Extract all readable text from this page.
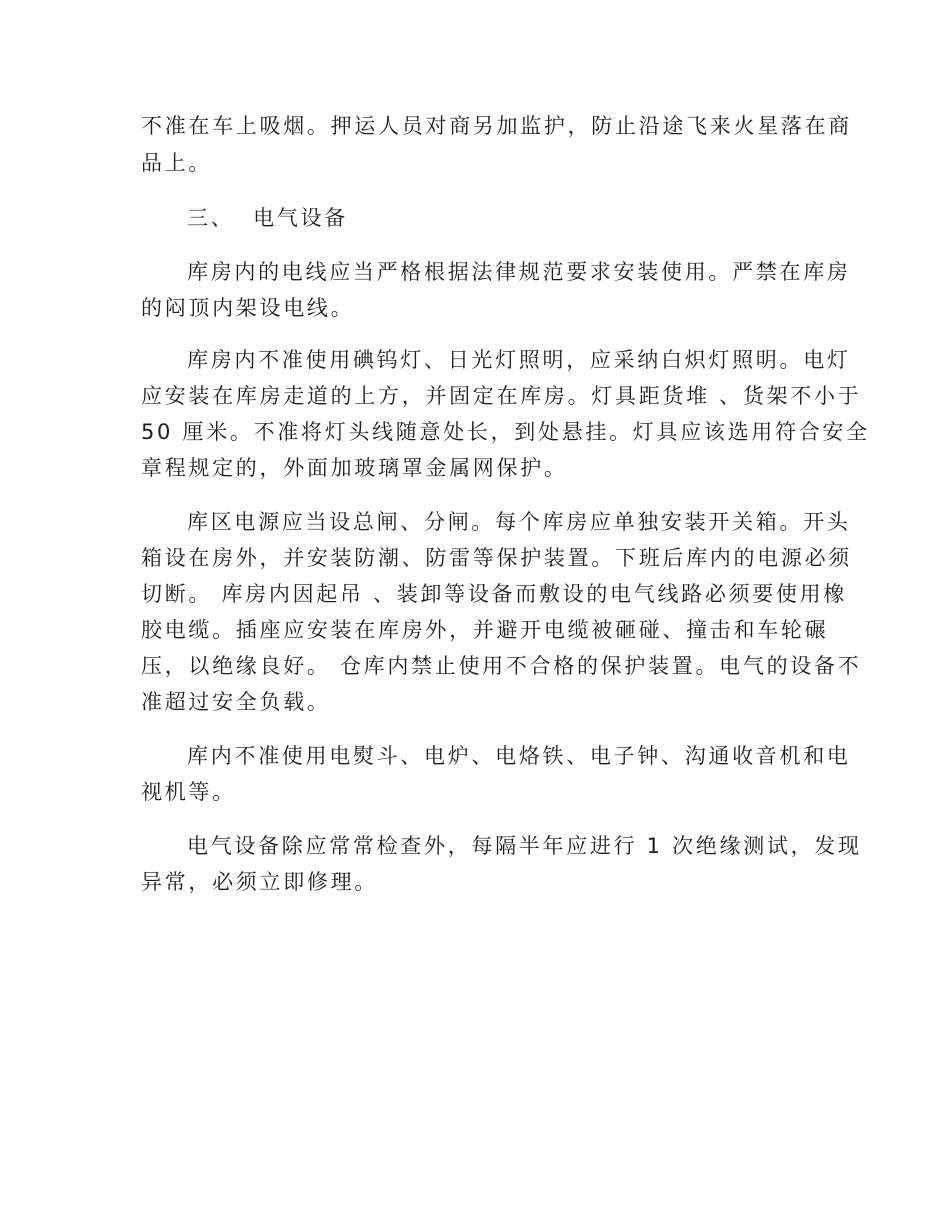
不准在车上吸烟。押运人员对商另加监护，防止沿途飞来火星落在商

品上。

三、  电气设备

库房内的电线应当严格根据法律规范要求安装使用。严禁在库房

的闷顶内架设电线。

库房内不准使用碘钨灯、日光灯照明，应采纳白炽灯照明。电灯

应安装在库房走道的上方，并固定在库房。灯具距货堆 、货架不小于

50 厘米。不准将灯头线随意处长，到处悬挂。灯具应该选用符合安全

章程规定的，外面加玻璃罩金属网保护。

库区电源应当设总闸、分闸。每个库房应单独安装开关箱。开头

箱设在房外，并安装防潮、防雷等保护装置。下班后库内的电源必须

切断。 库房内因起吊 、装卸等设备而敷设的电气线路必须要使用橡

胶电缆。插座应安装在库房外，并避开电缆被砸碰、撞击和车轮碾

压，以绝缘良好。 仓库内禁止使用不合格的保护装置。电气的设备不

准超过安全负载。

库内不准使用电熨斗、电炉、电烙铁、电子钟、沟通收音机和电

视机等。

电气设备除应常常检查外，每隔半年应进行 1 次绝缘测试，发现

异常，必须立即修理。
